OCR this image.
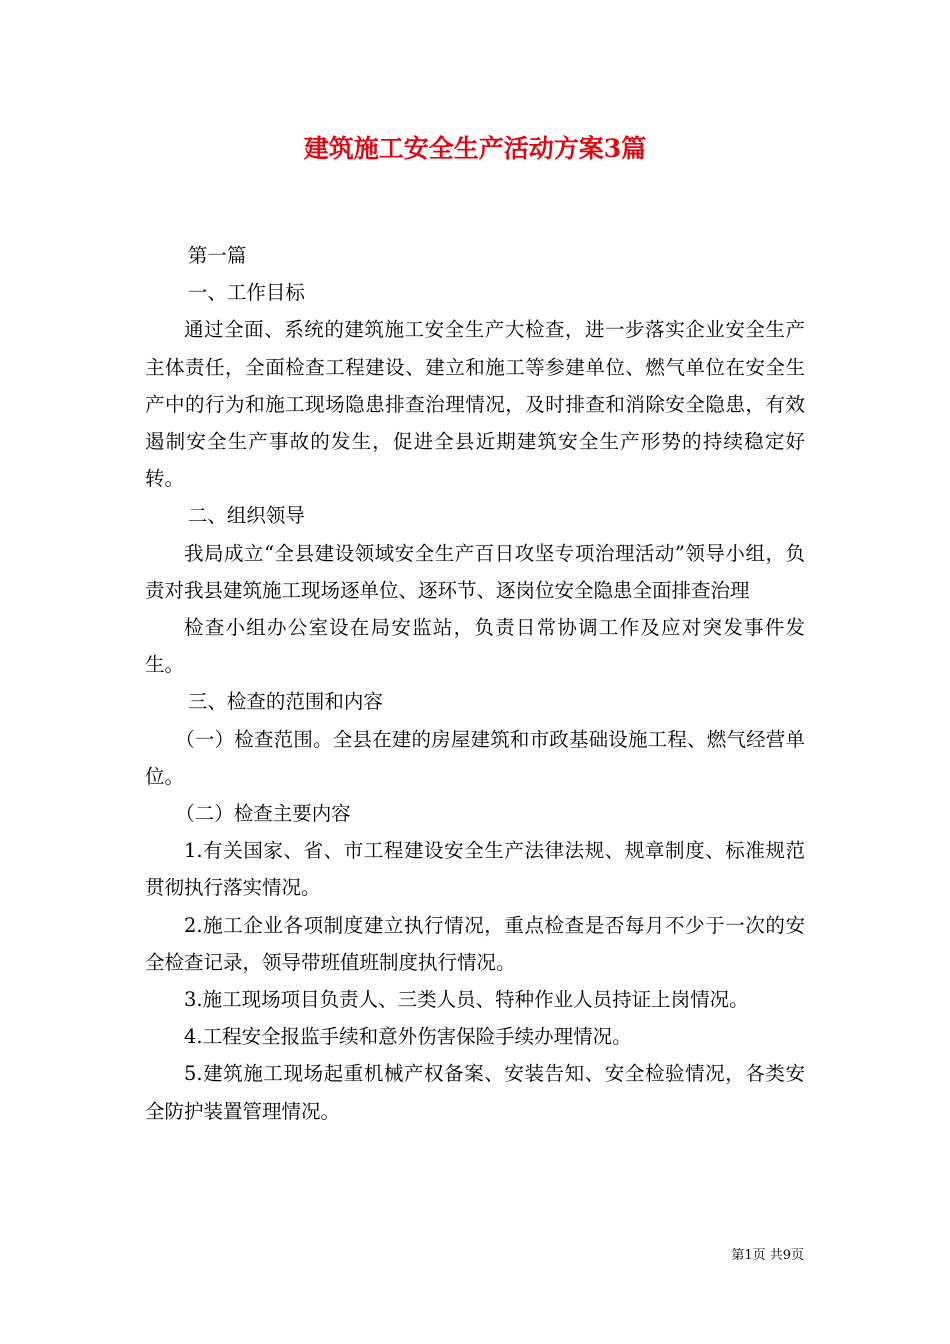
建筑施工安全生产活动方案3篇

第一篇

一、工作目标

通过全面、系统的建筑施工安全生产大检查，进一步落实企业安全生产主体责任，全面检查工程建设、建立和施工等参建单位、燃气单位在安全生产中的行为和施工现场隐患排查治理情况，及时排查和消除安全隐患，有效遏制安全生产事故的发生，促进全县近期建筑安全生产形势的持续稳定好转。

二、组织领导

我局成立“全县建设领域安全生产百日攻坚专项治理活动”领导小组，负责对我县建筑施工现场逐单位、逐环节、逐岗位安全隐患全面排查治理

检查小组办公室设在局安监站，负责日常协调工作及应对突发事件发生。

三、检查的范围和内容

（一）检查范围。全县在建的房屋建筑和市政基础设施工程、燃气经营单位。

（二）检查主要内容

1.有关国家、省、市工程建设安全生产法律法规、规章制度、标准规范贯彻执行落实情况。

2.施工企业各项制度建立执行情况，重点检查是否每月不少于一次的安全检查记录，领导带班值班制度执行情况。

3.施工现场项目负责人、三类人员、特种作业人员持证上岗情况。

4.工程安全报监手续和意外伤害保险手续办理情况。

5.建筑施工现场起重机械产权备案、安装告知、安全检验情况，各类安全防护装置管理情况。

第1页 共9页
